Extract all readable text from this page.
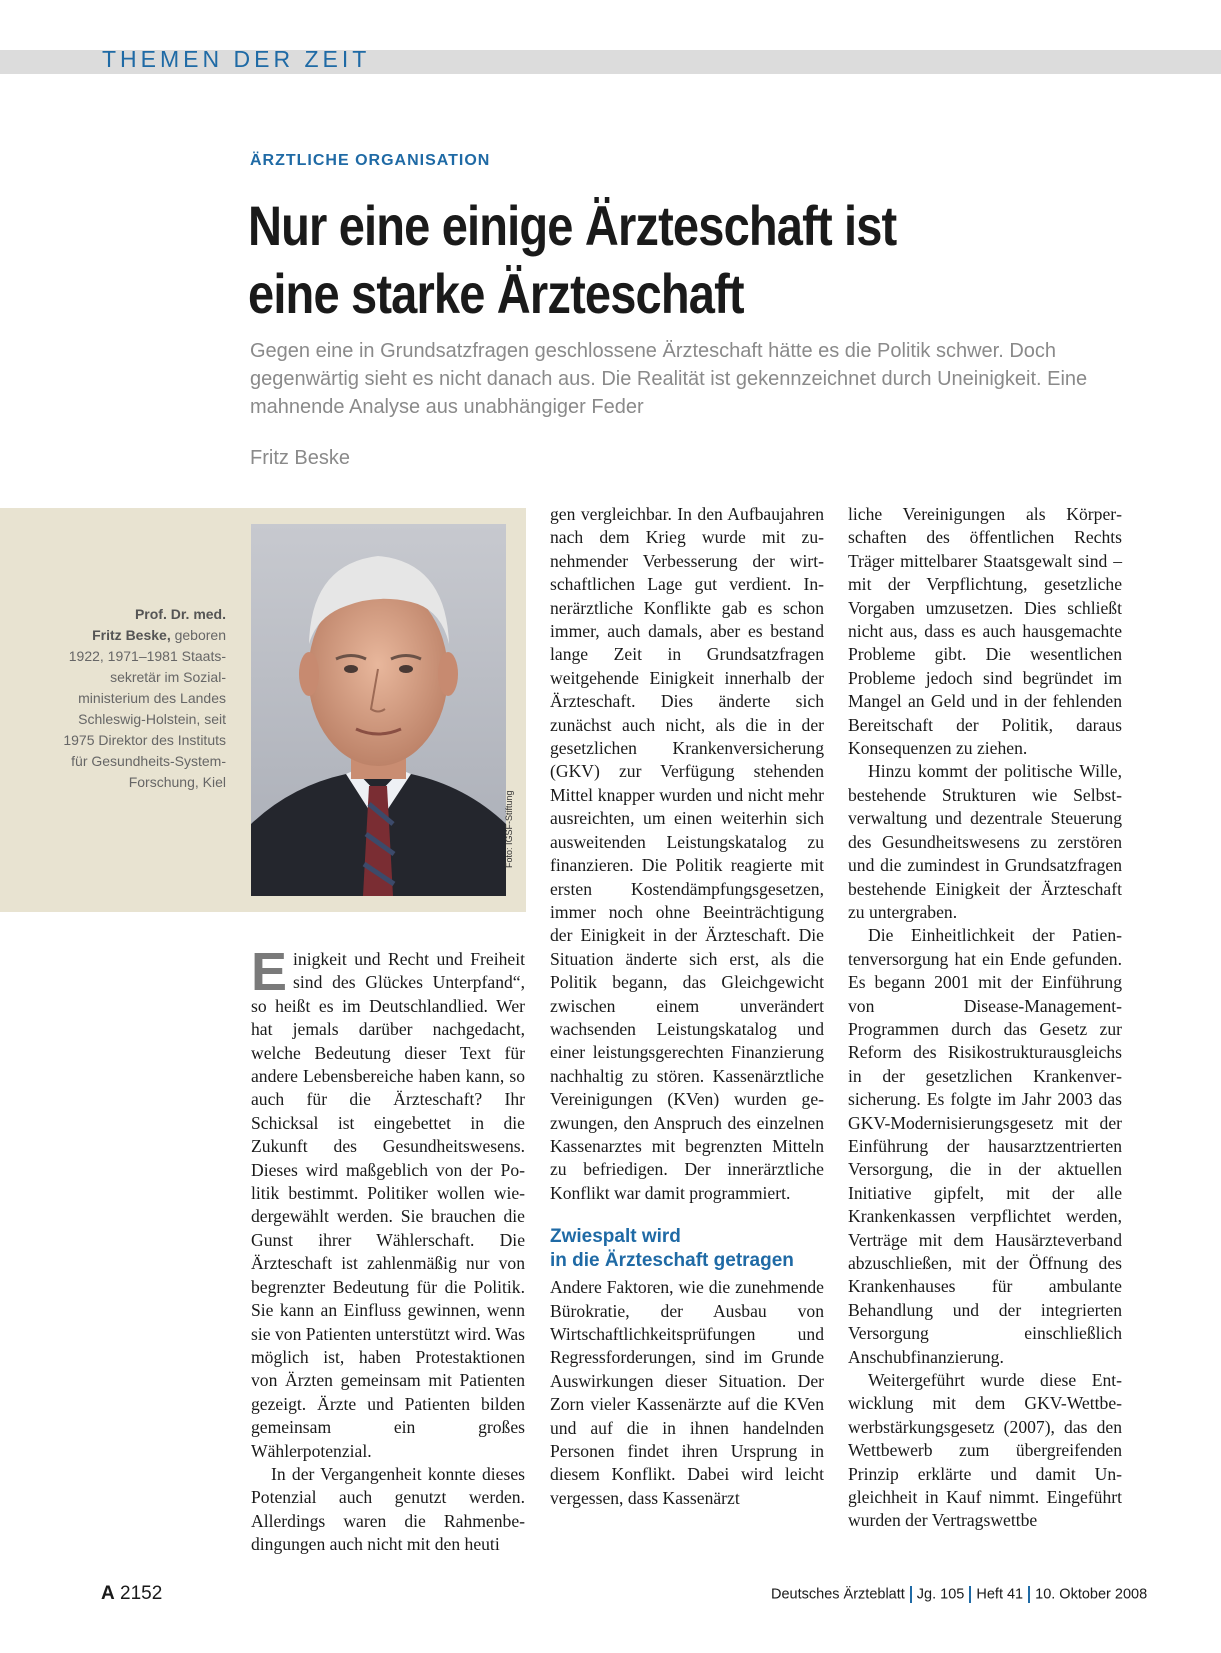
THEMEN DER ZEIT
ÄRZTLICHE ORGANISATION
Nur eine einige Ärzteschaft ist
eine starke Ärzteschaft
Gegen eine in Grundsatzfragen geschlossene Ärzteschaft hätte es die Politik schwer. Doch gegenwärtig sieht es nicht danach aus. Die Realität ist gekennzeichnet durch Uneinigkeit. Eine mahnende Analyse aus unabhängiger Feder
Fritz Beske
Prof. Dr. med.
Fritz Beske, geboren 1922, 1971–1981 Staatssekretär im Sozialministerium des Landes Schleswig-Holstein, seit 1975 Direktor des Instituts für Gesundheits-System-Forschung, Kiel
Foto: IGSF-Stiftung

E inigkeit und Recht und Freiheit sind des Glückes Unterpfand“, so heißt es im Deutschlandlied. Wer hat jemals darüber nachgedacht, welche Bedeutung dieser Text für andere Lebensbereiche haben kann, so auch für die Ärzteschaft? Ihr Schicksal ist eingebettet in die Zukunft des Gesundheitswesens. Dieses wird maßgeblich von der Politik bestimmt. Politiker wollen wiedergewählt werden. Sie brauchen die Gunst ihrer Wählerschaft. Die Ärzteschaft ist zahlenmäßig nur von begrenzter Bedeutung für die Politik. Sie kann an Einfluss gewinnen, wenn sie von Patienten unterstützt wird. Was möglich ist, haben Protestaktionen von Ärzten gemeinsam mit Patienten gezeigt. Ärzte und Patienten bilden gemeinsam ein großes Wählerpotenzial.

In der Vergangenheit konnte dieses Potenzial auch genutzt werden. Allerdings waren die Rahmenbedingungen auch nicht mit den heuti

gen vergleichbar. In den Aufbaujahren nach dem Krieg wurde mit zunehmender Verbesserung der wirtschaftlichen Lage gut verdient. Innerärztliche Konflikte gab es schon immer, auch damals, aber es bestand lange Zeit in Grundsatzfragen weitgehende Einigkeit innerhalb der Ärzteschaft. Dies änderte sich zunächst auch nicht, als die in der gesetzlichen Krankenversicherung (GKV) zur Verfügung stehenden Mittel knapper wurden und nicht mehr ausreichten, um einen weiterhin sich ausweitenden Leistungskatalog zu finanzieren. Die Politik reagierte mit ersten Kostendämpfungsgesetzen, immer noch ohne Beeinträchtigung der Einigkeit in der Ärzteschaft. Die Situation änderte sich erst, als die Politik begann, das Gleichgewicht zwischen einem unverändert wachsenden Leistungskatalog und einer leistungsgerechten Finanzierung nachhaltig zu stören. Kassenärztliche Vereinigungen (KVen) wurden gezwungen, den Anspruch des einzelnen Kassenarztes mit begrenzten Mitteln zu befriedigen. Der innerärztliche Konflikt war damit programmiert.

Zwiespalt wird
in die Ärzteschaft getragen

Andere Faktoren, wie die zunehmende Bürokratie, der Ausbau von Wirtschaftlichkeitsprüfungen und Regressforderungen, sind im Grunde Auswirkungen dieser Situation. Der Zorn vieler Kassenärzte auf die KVen und auf die in ihnen handelnden Personen findet ihren Ursprung in diesem Konflikt. Dabei wird leicht vergessen, dass Kassenärzt

liche Vereinigungen als Körperschaften des öffentlichen Rechts Träger mittelbarer Staatsgewalt sind – mit der Verpflichtung, gesetzliche Vorgaben umzusetzen. Dies schließt nicht aus, dass es auch hausgemachte Probleme gibt. Die wesentlichen Probleme jedoch sind begründet im Mangel an Geld und in der fehlenden Bereitschaft der Politik, daraus Konsequenzen zu ziehen.

Hinzu kommt der politische Wille, bestehende Strukturen wie Selbstverwaltung und dezentrale Steuerung des Gesundheitswesens zu zerstören und die zumindest in Grundsatzfragen bestehende Einigkeit der Ärzteschaft zu untergraben.

Die Einheitlichkeit der Patientenversorgung hat ein Ende gefunden. Es begann 2001 mit der Einführung von Disease-Management-Programmen durch das Gesetz zur Reform des Risikostrukturausgleichs in der gesetzlichen Krankenversicherung. Es folgte im Jahr 2003 das GKV-Modernisierungsgesetz mit der Einführung der hausarztzentrierten Versorgung, die in der aktuellen Initiative gipfelt, mit der alle Krankenkassen verpflichtet werden, Verträge mit dem Hausärzteverband abzuschließen, mit der Öffnung des Krankenhauses für ambulante Behandlung und der integrierten Versorgung einschließlich Anschubfinanzierung.

Weitergeführt wurde diese Entwicklung mit dem GKV-Wettbewerbstärkungsgesetz (2007), das den Wettbewerb zum übergreifenden Prinzip erklärte und damit Ungleichheit in Kauf nimmt. Eingeführt wurden der Vertragswettbe

A 2152	Deutsches Ärzteblatt Jg. 105 Heft 41 10. Oktober 2008
